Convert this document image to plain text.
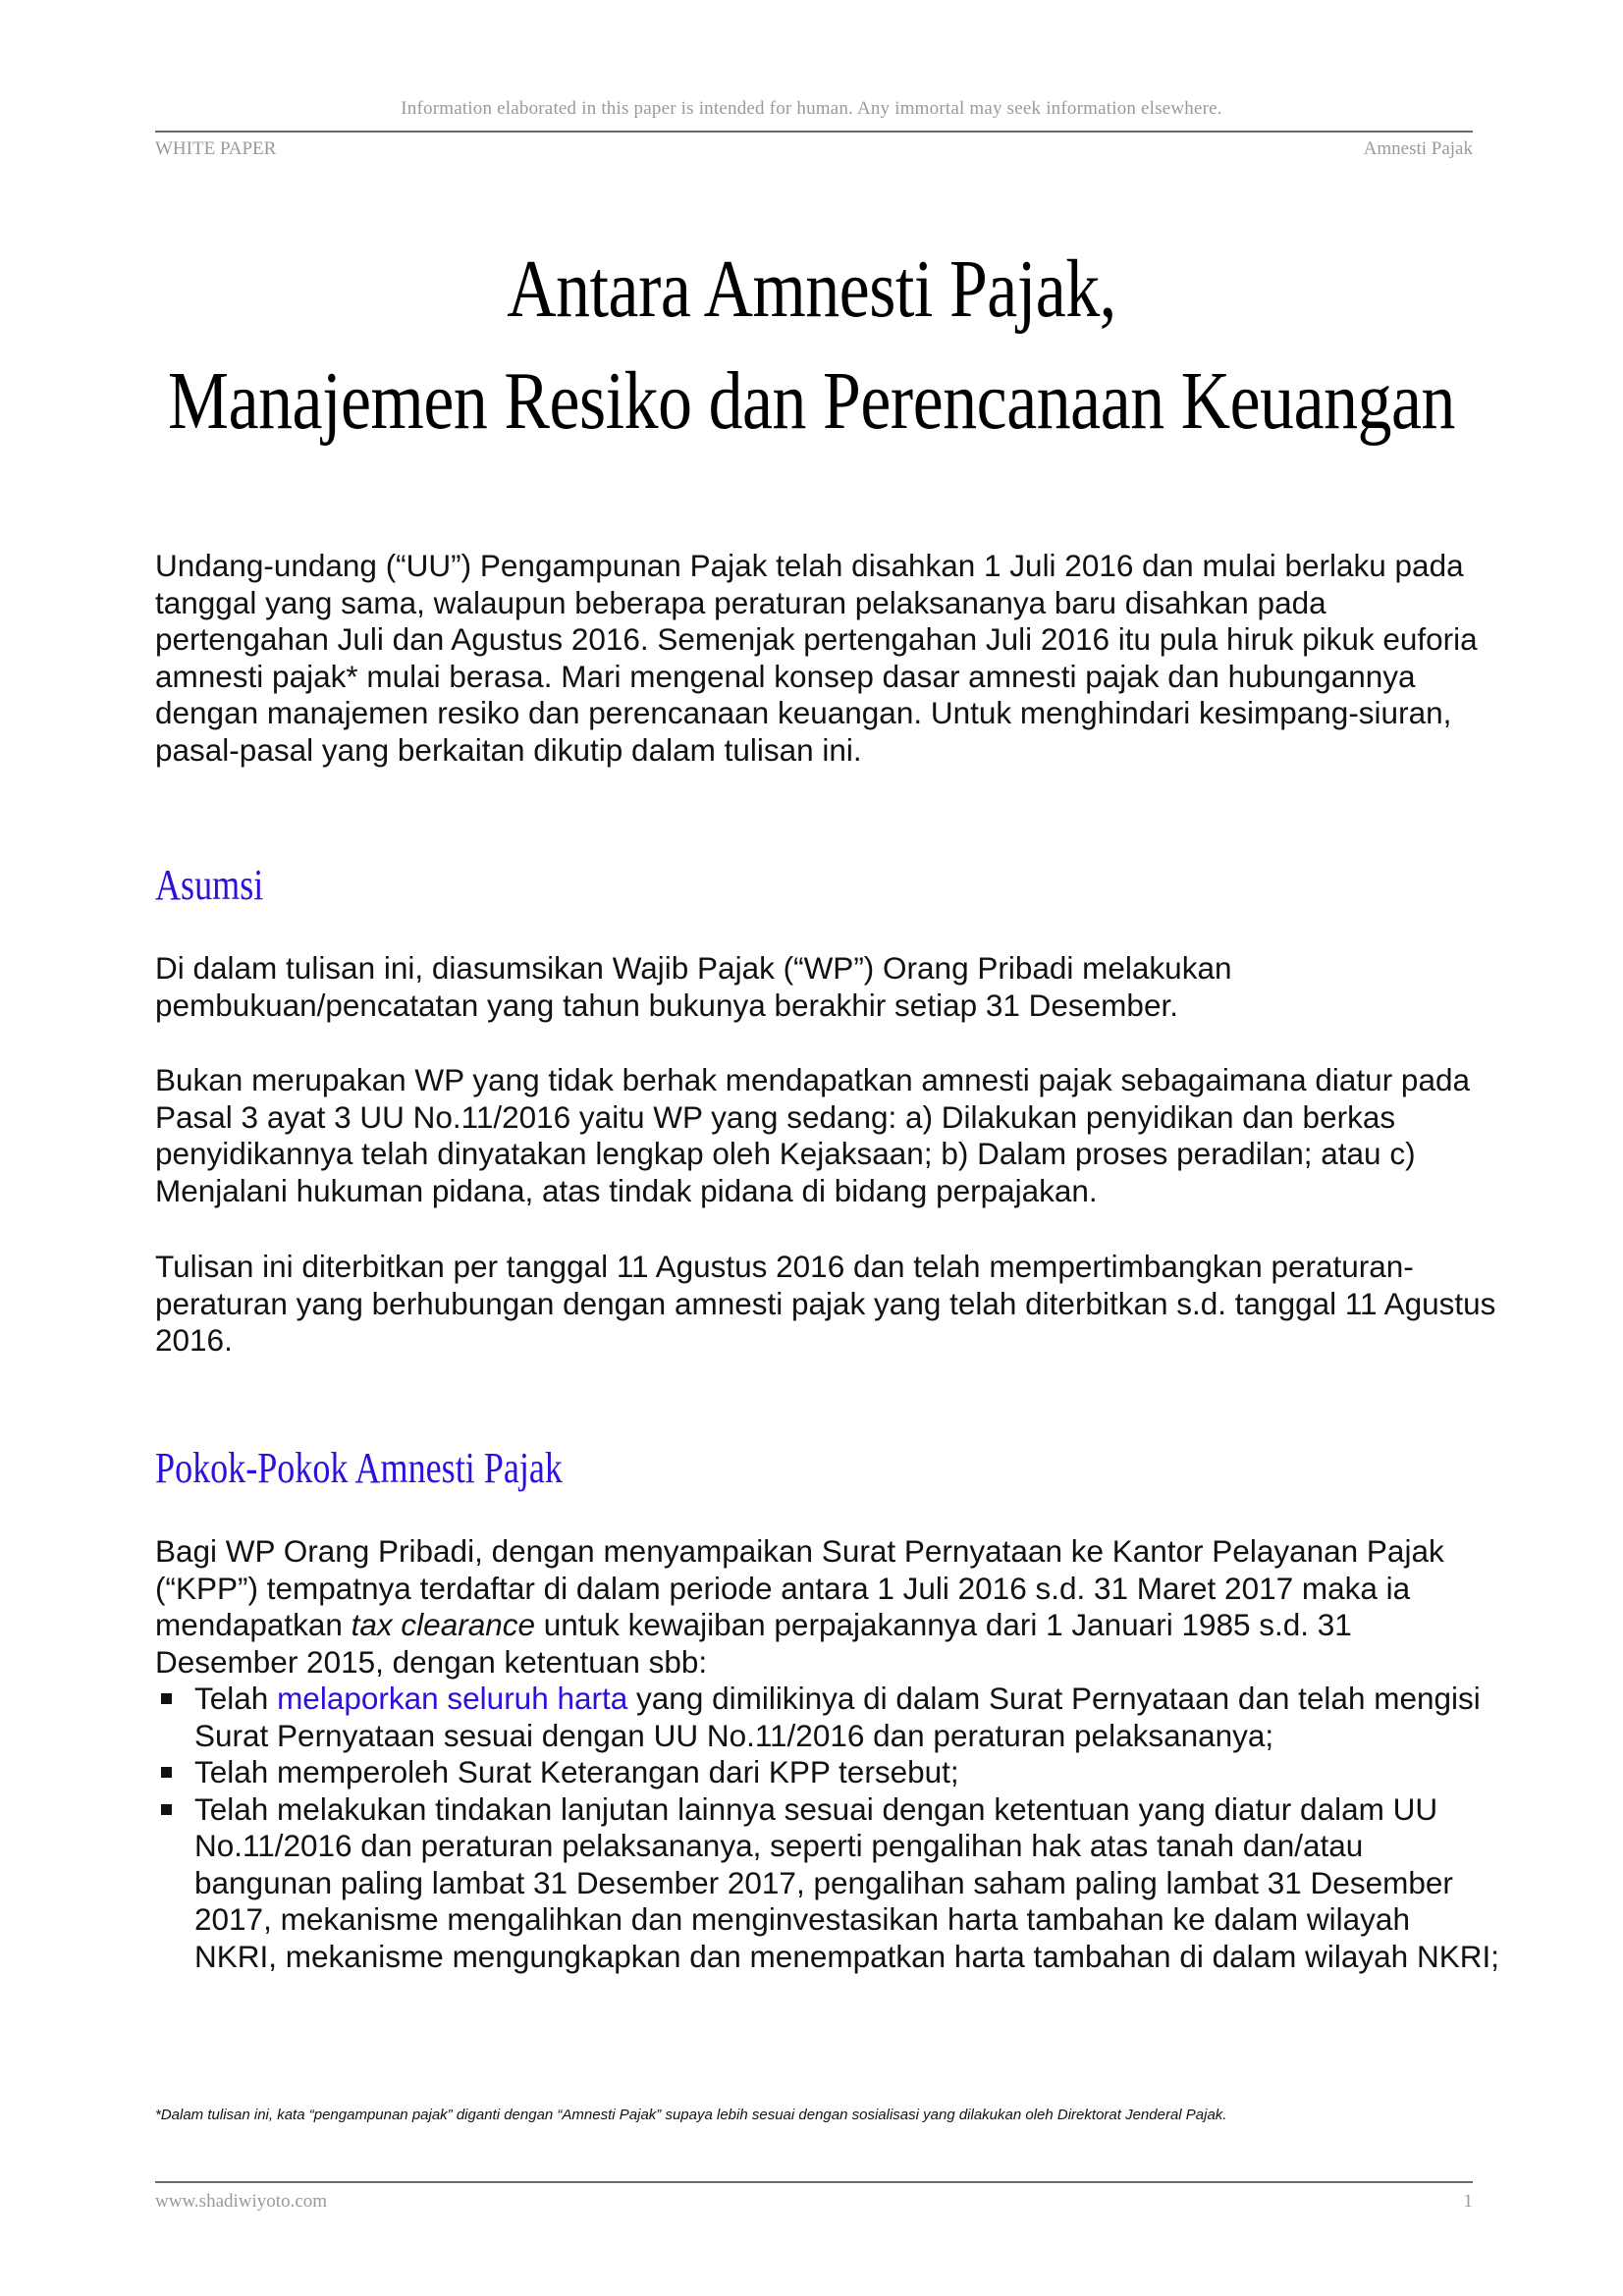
Information elaborated in this paper is intended for human. Any immortal may seek information elsewhere.
WHITE PAPER	Amnesti Pajak
Antara Amnesti Pajak,
Manajemen Resiko dan Perencanaan Keuangan

Undang-undang (“UU”) Pengampunan Pajak telah disahkan 1 Juli 2016 dan mulai berlaku pada tanggal yang sama, walaupun beberapa peraturan pelaksananya baru disahkan pada pertengahan Juli dan Agustus 2016. Semenjak pertengahan Juli 2016 itu pula hiruk pikuk euforia amnesti pajak* mulai berasa. Mari mengenal konsep dasar amnesti pajak dan hubungannya dengan manajemen resiko dan perencanaan keuangan. Untuk menghindari kesimpang-siuran, pasal-pasal yang berkaitan dikutip dalam tulisan ini.

Asumsi

Di dalam tulisan ini, diasumsikan Wajib Pajak (“WP”) Orang Pribadi melakukan pembukuan/pencatatan yang tahun bukunya berakhir setiap 31 Desember.

Bukan merupakan WP yang tidak berhak mendapatkan amnesti pajak sebagaimana diatur pada Pasal 3 ayat 3 UU No.11/2016 yaitu WP yang sedang: a) Dilakukan penyidikan dan berkas penyidikannya telah dinyatakan lengkap oleh Kejaksaan; b) Dalam proses peradilan; atau c) Menjalani hukuman pidana, atas tindak pidana di bidang perpajakan.

Tulisan ini diterbitkan per tanggal 11 Agustus 2016 dan telah mempertimbangkan peraturan-peraturan yang berhubungan dengan amnesti pajak yang telah diterbitkan s.d. tanggal 11 Agustus 2016.

Pokok-Pokok Amnesti Pajak

Bagi WP Orang Pribadi, dengan menyampaikan Surat Pernyataan ke Kantor Pelayanan Pajak (“KPP”) tempatnya terdaftar di dalam periode antara 1 Juli 2016 s.d. 31 Maret 2017 maka ia mendapatkan tax clearance untuk kewajiban perpajakannya dari 1 Januari 1985 s.d. 31 Desember 2015, dengan ketentuan sbb:

Telah melaporkan seluruh harta yang dimilikinya di dalam Surat Pernyataan dan telah mengisi Surat Pernyataan sesuai dengan UU No.11/2016 dan peraturan pelaksananya;
Telah memperoleh Surat Keterangan dari KPP tersebut;
Telah melakukan tindakan lanjutan lainnya sesuai dengan ketentuan yang diatur dalam UU No.11/2016 dan peraturan pelaksananya, seperti pengalihan hak atas tanah dan/atau bangunan paling lambat 31 Desember 2017, pengalihan saham paling lambat 31 Desember 2017, mekanisme mengalihkan dan menginvestasikan harta tambahan ke dalam wilayah NKRI, mekanisme mengungkapkan dan menempatkan harta tambahan di dalam wilayah NKRI;
*Dalam tulisan ini, kata “pengampunan pajak” diganti dengan “Amnesti Pajak” supaya lebih sesuai dengan sosialisasi yang dilakukan oleh Direktorat Jenderal Pajak.
www.shadiwiyoto.com	1
